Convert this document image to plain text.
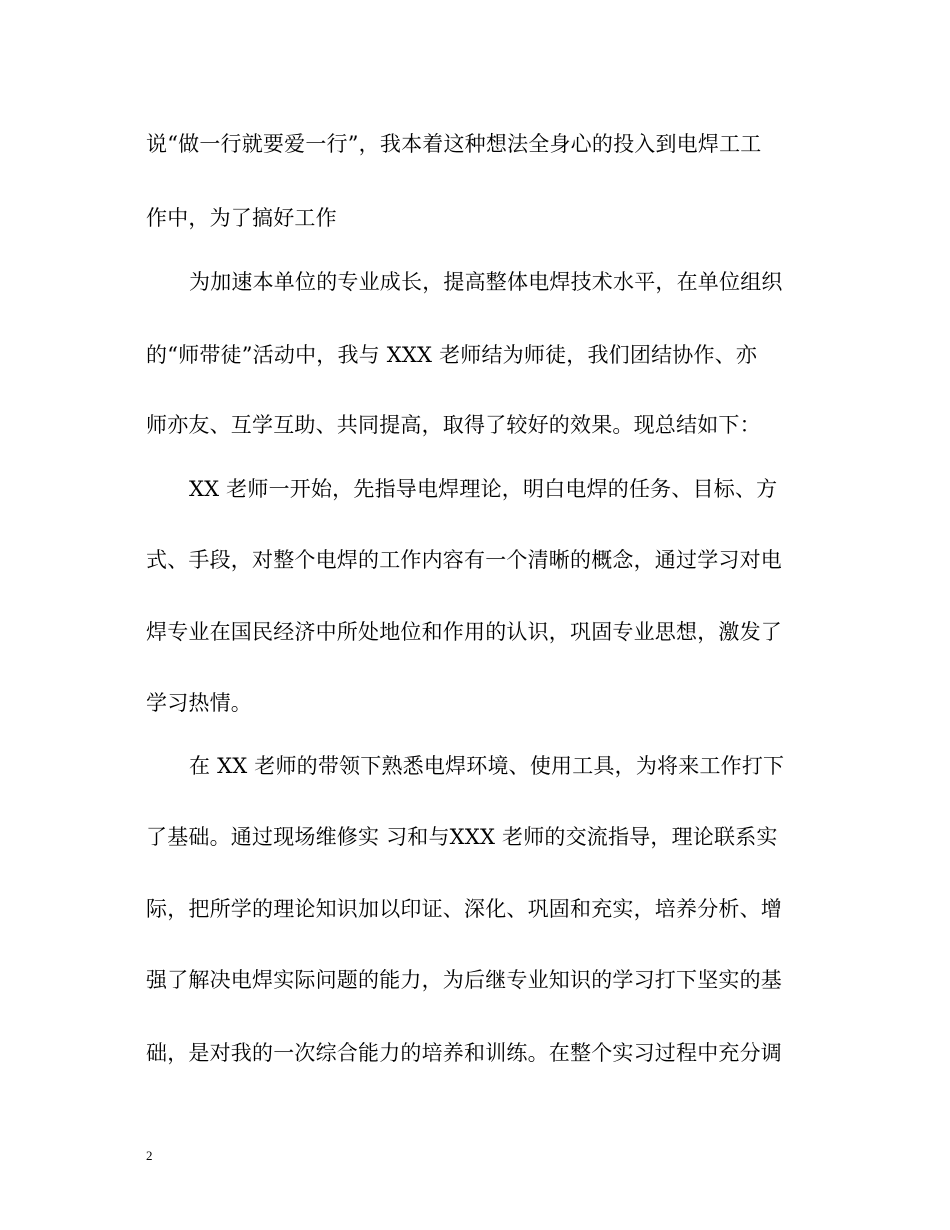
说“做一行就要爱一行”，我本着这种想法全身心的投入到电焊工工
作中，为了搞好工作
为加速本单位的专业成长，提高整体电焊技术水平，在单位组织
的“师带徒”活动中，我与 XXX 老师结为师徒，我们团结协作、亦
师亦友、互学互助、共同提高，取得了较好的效果。现总结如下：
XX 老师一开始，先指导电焊理论，明白电焊的任务、目标、方
式、手段，对整个电焊的工作内容有一个清晰的概念，通过学习对电
焊专业在国民经济中所处地位和作用的认识，巩固专业思想，激发了
学习热情。
在 XX 老师的带领下熟悉电焊环境、使用工具，为将来工作打下
了基础。通过现场维修实 习和与XXX 老师的交流指导，理论联系实
际，把所学的理论知识加以印证、深化、巩固和充实，培养分析、增
强了解决电焊实际问题的能力，为后继专业知识的学习打下坚实的基
础，是对我的一次综合能力的培养和训练。在整个实习过程中充分调
2
